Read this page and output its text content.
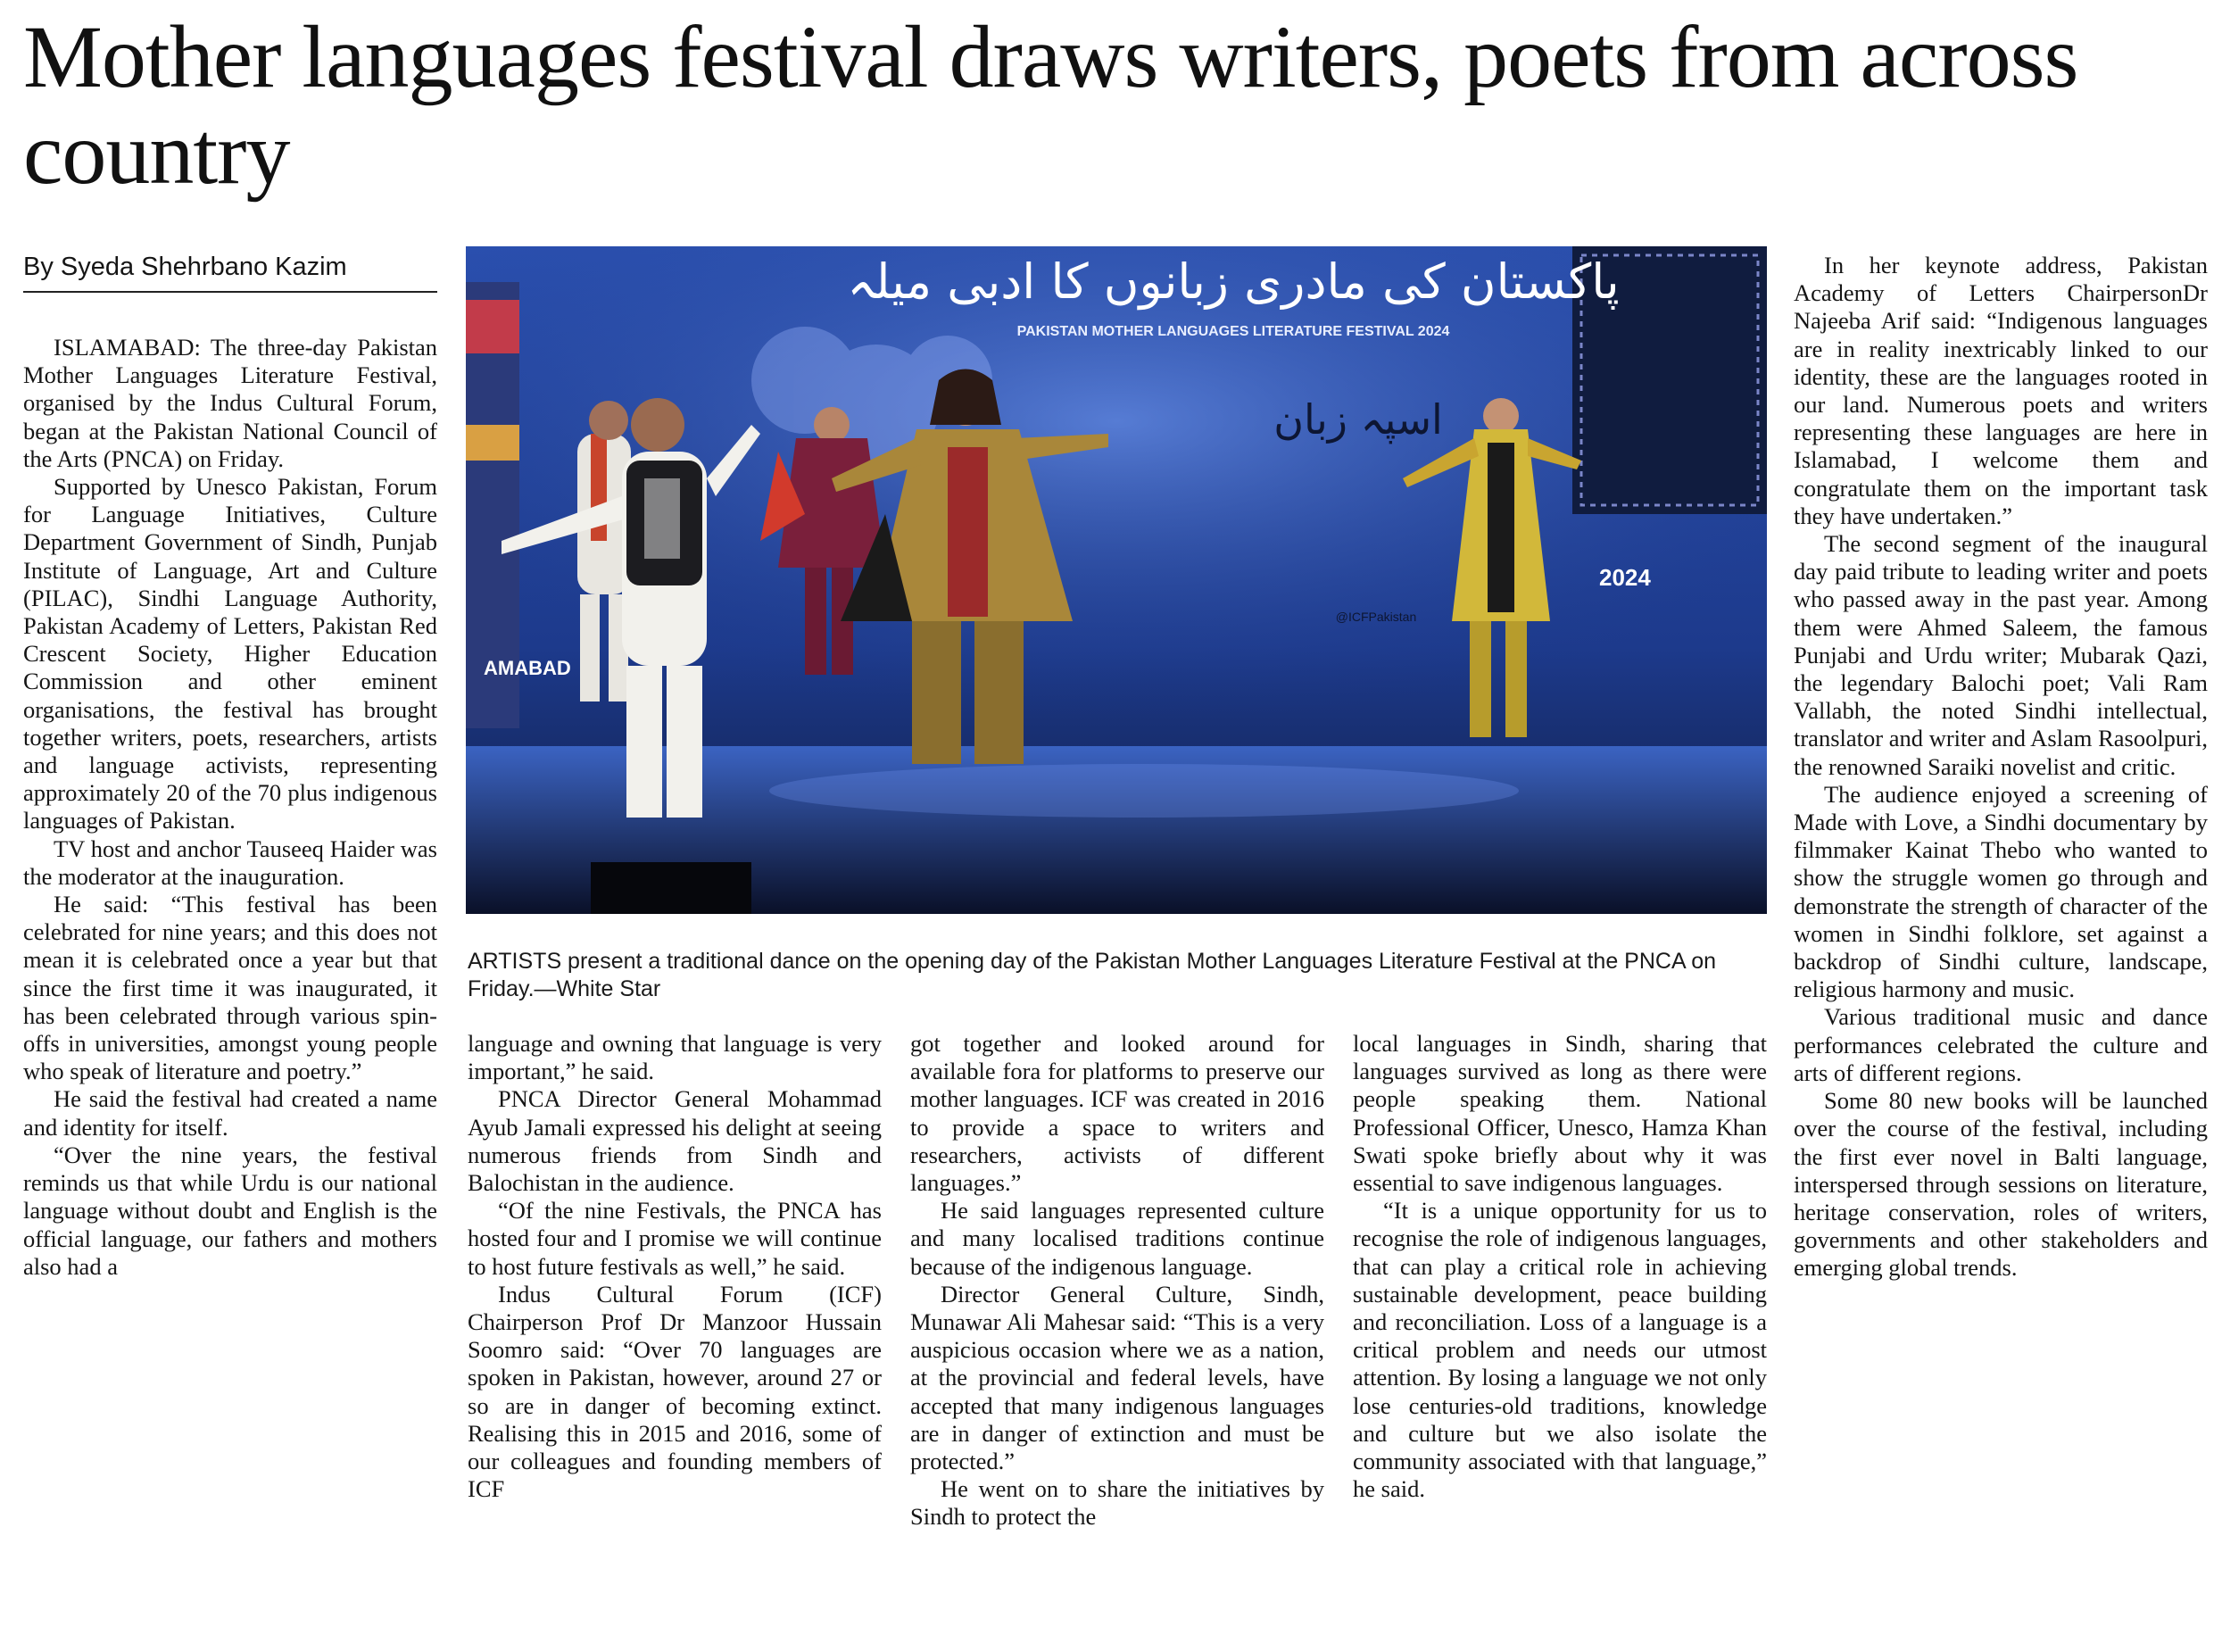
Mother languages festival draws writers, poets from across country
By Syeda Shehrbano Kazim

ISLAMABAD: The three-day Pakistan Mother Languages Literature Festival, organised by the Indus Cultural Forum, began at the Pakistan National Council of the Arts (PNCA) on Friday.

Supported by Unesco Pakistan, Forum for Language Initiatives, Culture Department Government of Sindh, Punjab Institute of Language, Art and Culture (PILAC), Sindhi Language Authority, Pakistan Academy of Letters, Pakistan Red Crescent Society, Higher Education Commission and other eminent organisations, the festival has brought together writers, poets, researchers, artists and language activists, representing approximately 20 of the 70 plus indigenous languages of Pakistan.

TV host and anchor Tauseeq Haider was the moderator at the inauguration.

He said: “This festival has been celebrated for nine years; and this does not mean it is celebrated once a year but that since the first time it was inaugurated, it has been celebrated through various spin-offs in universities, amongst young people who speak of literature and poetry.”

He said the festival had created a name and identity for itself.

“Over the nine years, the festival reminds us that while Urdu is our national language without doubt and English is the official language, our fathers and mothers also had a

پاکستان کی مادری زبانوں کا ادبی میلہ
PAKISTAN MOTHER LANGUAGES LITERATURE FESTIVAL 2024
اسپہ زبان
@ICFPakistan
2024
AMABAD
ARTISTS present a traditional dance on the opening day of the Pakistan Mother Languages Literature Festival at the PNCA on Friday.—White Star

language and owning that language is very important,” he said.

PNCA Director General Mohammad Ayub Jamali expressed his delight at seeing numerous friends from Sindh and Balochistan in the audience.

“Of the nine Festivals, the PNCA has hosted four and I promise we will continue to host future festivals as well,” he said.

Indus Cultural Forum (ICF) Chairperson Prof Dr Manzoor Hussain Soomro said: “Over 70 languages are spoken in Pakistan, however, around 27 or so are in danger of becoming extinct. Realising this in 2015 and 2016, some of our colleagues and founding members of ICF

got together and looked around for available fora for platforms to preserve our mother languages. ICF was created in 2016 to provide a space to writers and researchers, activists of different languages.”

He said languages represented culture and many localised traditions continue because of the indigenous language.

Director General Culture, Sindh, Munawar Ali Mahesar said: “This is a very auspicious occasion where we as a nation, at the provincial and federal levels, have accepted that many indigenous languages are in danger of extinction and must be protected.”

He went on to share the initiatives by Sindh to protect the

local languages in Sindh, sharing that languages survived as long as there were people speaking them. National Professional Officer, Unesco, Hamza Khan Swati spoke briefly about why it was essential to save indigenous languages.

“It is a unique opportunity for us to recognise the role of indigenous languages, that can play a critical role in achieving sustainable development, peace building and reconciliation. Loss of a language is a critical problem and needs our utmost attention. By losing a language we not only lose centuries-old traditions, knowledge and culture but we also isolate the community associated with that language,” he said.

In her keynote address, Pakistan Academy of Letters ChairpersonDr Najeeba Arif said: “Indigenous languages are in reality inextricably linked to our identity, these are the languages rooted in our land. Numerous poets and writers representing these languages are here in Islamabad, I welcome them and congratulate them on the important task they have undertaken.”

The second segment of the inaugural day paid tribute to leading writer and poets who passed away in the past year. Among them were Ahmed Saleem, the famous Punjabi and Urdu writer; Mubarak Qazi, the legendary Balochi poet; Vali Ram Vallabh, the noted Sindhi intellectual, translator and writer and Aslam Rasoolpuri, the renowned Saraiki novelist and critic.

The audience enjoyed a screening of Made with Love, a Sindhi documentary by filmmaker Kainat Thebo who wanted to show the struggle women go through and demonstrate the strength of character of the women in Sindhi folklore, set against a backdrop of Sindhi culture, landscape, religious harmony and music.

Various traditional music and dance performances celebrated the culture and arts of different regions.

Some 80 new books will be launched over the course of the festival, including the first ever novel in Balti language, interspersed through sessions on literature, heritage conservation, roles of writers, governments and other stakeholders and emerging global trends.
